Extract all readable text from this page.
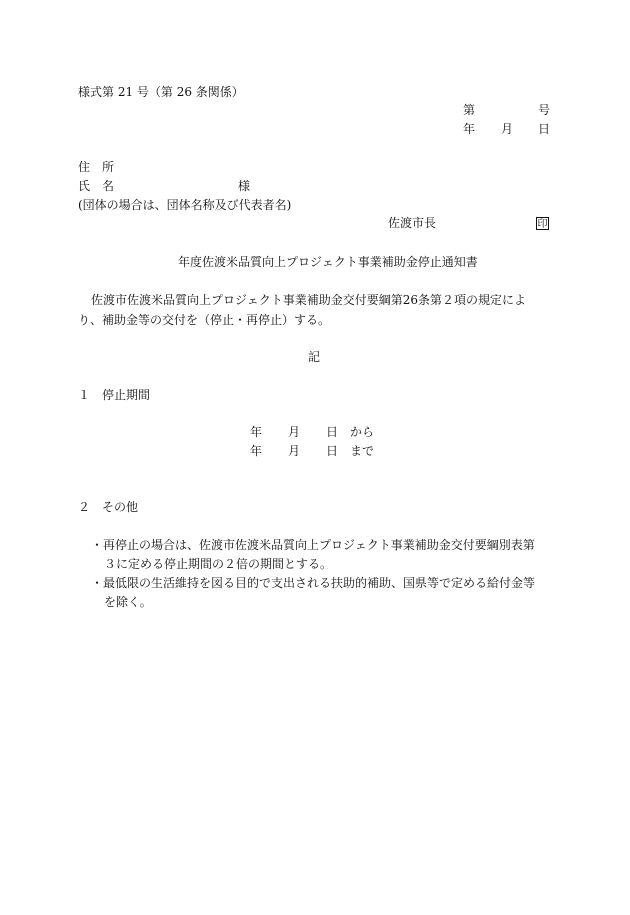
様式第 21 号（第 26 条関係）
第	号
年 月 日
住　所
氏　名	様
(団体の場合は、団体名称及び代表者名)
佐渡市長	印
年度佐渡米品質向上プロジェクト事業補助金停止通知書
佐渡市佐渡米品質向上プロジェクト事業補助金交付要綱第26条第２項の規定によ
り、補助金等の交付を（停止・再停止）する。
記
１　停止期間
年 月 日 から
年 月 日 まで
２　その他
・再停止の場合は、佐渡市佐渡米品質向上プロジェクト事業補助金交付要綱別表第
３に定める停止期間の２倍の期間とする。
・最低限の生活維持を図る目的で支出される扶助的補助、国県等で定める給付金等
を除く。
